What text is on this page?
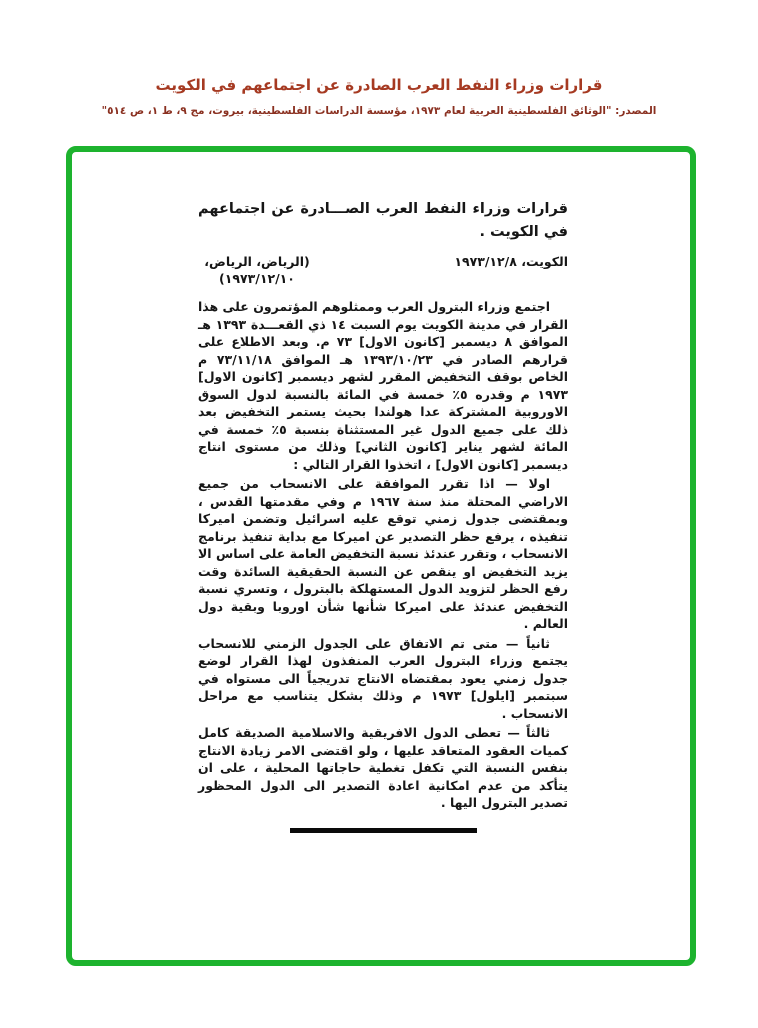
قرارات وزراء النفط العرب الصادرة عن اجتماعهم في الكويت
المصدر: "الوثائق الفلسطينية العربية لعام ١٩٧٣، مؤسسة الدراسات الفلسطينية، بيروت، مج ٩، ط ١، ص ٥١٤"
قرارات وزراء النفط العرب الصـــادرة عن اجتماعهم في الكويت .
الكويت، ١٩٧٣/١٢/٨
(الرياض، الرياض، ١٩٧٣/١٢/١٠)

اجتمع وزراء البترول العرب وممثلوهم المؤتمرون على هذا القرار في مدينة الكويت يوم السبت ١٤ ذي القعـــدة ١٣٩٣ هـ الموافق ٨ ديسمبر [كانون الاول] ٧٣ م. وبعد الاطلاع على قرارهم الصادر في ١٣٩٣/١٠/٢٣ هـ الموافق ٧٣/١١/١٨ م الخاص بوقف التخفيض المقرر لشهر ديسمبر [كانون الاول] ١٩٧٣ م وقدره ٥٪ خمسة في المائة بالنسبة لدول السوق الاوروبية المشتركة عدا هولندا بحيث يستمر التخفيض بعد ذلك على جميع الدول غير المستثناة بنسبة ٥٪ خمسة في المائة لشهر يناير [كانون الثاني] وذلك من مستوى انتاج ديسمبر [كانون الاول] ، اتخذوا القرار التالي :

اولا — اذا تقرر الموافقة على الانسحاب من جميع الاراضي المحتلة منذ سنة ١٩٦٧ م وفي مقدمتها القدس ، وبمقتضى جدول زمني توقع عليه اسرائيل وتضمن اميركا تنفيذه ، يرفع حظر التصدير عن اميركا مع بداية تنفيذ برنامج الانسحاب ، وتقرر عندئذ نسبة التخفيض العامة على اساس الا يزيد التخفيض او ينقص عن النسبة الحقيقية السائدة وقت رفع الحظر لتزويد الدول المستهلكة بالبترول ، وتسري نسبة التخفيض عندئذ على اميركا شأنها شأن اوروبا وبقية دول العالم .

ثانياً — متى تم الاتفاق على الجدول الزمني للانسحاب يجتمع وزراء البترول العرب المنفذون لهذا القرار لوضع جدول زمني يعود بمقتضاه الانتاج تدريجياً الى مستواه في سبتمبر [ايلول] ١٩٧٣ م وذلك بشكل يتناسب مع مراحل الانسحاب .

ثالثاً — تعطى الدول الافريقية والاسلامية الصديقة كامل كميات العقود المتعاقد عليها ، ولو اقتضى الامر زيادة الانتاج بنفس النسبة التي تكفل تغطية حاجاتها المحلية ، على ان يتأكد من عدم امكانية اعادة التصدير الى الدول المحظور تصدير البترول اليها .
